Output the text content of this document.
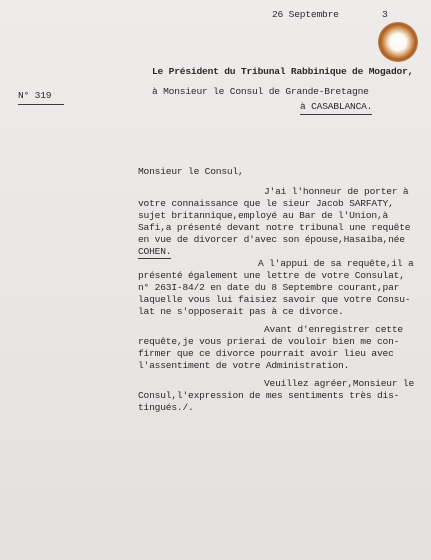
26 Septembre	3
N° 319
Le Président du Tribunal Rabbinique de Mogador,
à Monsieur le Consul de Grande-Bretagne
à CASABLANCA.
Monsieur le Consul,
J'ai l'honneur de porter à
votre connaissance que le sieur Jacob SARFATY,
sujet britannique,employé au Bar de l'Union,à
Safi,a présenté devant notre tribunal une requête
en vue de divorcer d'avec son épouse,Hasaiba,née
COHEN.
A l'appui de sa requête,il a
présenté également une lettre de votre Consulat,
n° 263I-84/2 en date du 8 Septembre courant,par
laquelle vous lui faisiez savoir que votre Consu-
lat ne s'opposerait pas à ce divorce.
Avant d'enregistrer cette
requête,je vous prierai de vouloir bien me con-
firmer que ce divorce pourrait avoir lieu avec
l'assentiment de votre Administration.
Veuillez agréer,Monsieur le
Consul,l'expression de mes sentiments très dis-
tingués./.
